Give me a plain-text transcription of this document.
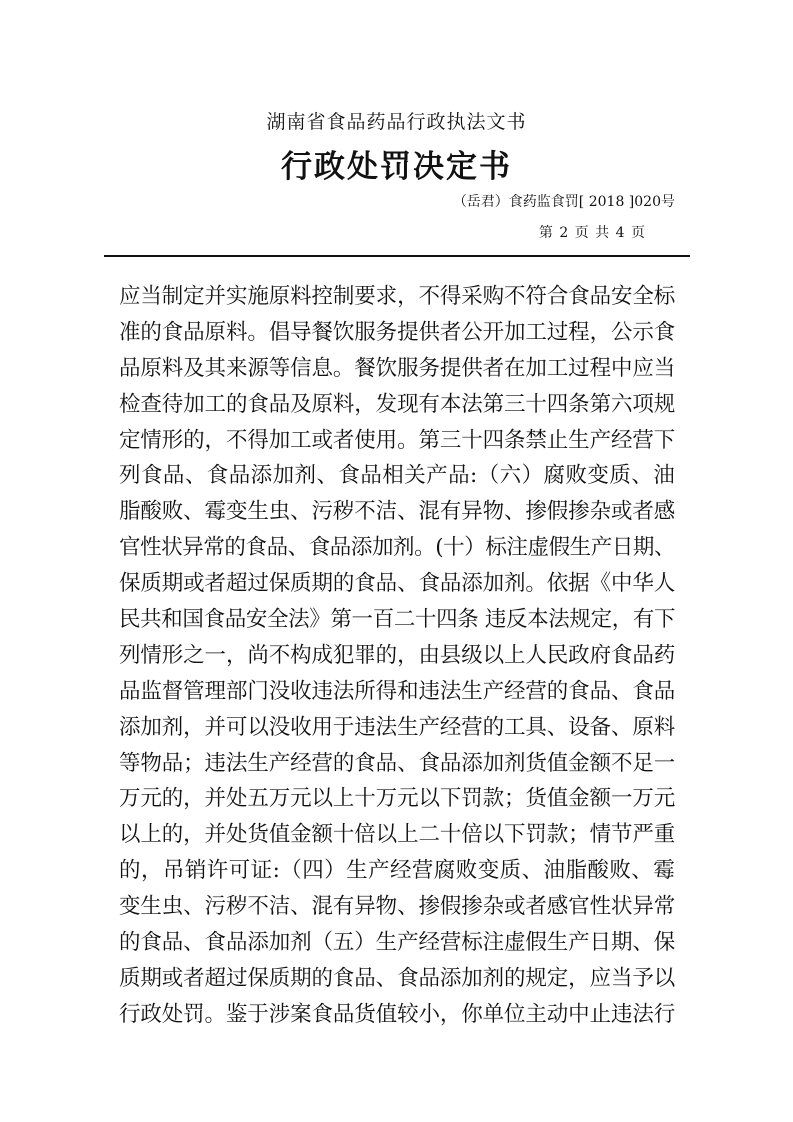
湖南省食品药品行政执法文书
行政处罚决定书
（岳君）食药监食罚[ 2018 ]020号
第 2 页 共 4 页
应当制定并实施原料控制要求，不得采购不符合食品安全标
准的食品原料。倡导餐饮服务提供者公开加工过程，公示食
品原料及其来源等信息。餐饮服务提供者在加工过程中应当
检查待加工的食品及原料，发现有本法第三十四条第六项规
定情形的，不得加工或者使用。第三十四条禁止生产经营下
列食品、食品添加剂、食品相关产品:（六）腐败变质、油
脂酸败、霉变生虫、污秽不洁、混有异物、掺假掺杂或者感
官性状异常的食品、食品添加剂。(十）标注虚假生产日期、
保质期或者超过保质期的食品、食品添加剂。依据《中华人
民共和国食品安全法》第一百二十四条 违反本法规定，有下
列情形之一，尚不构成犯罪的，由县级以上人民政府食品药
品监督管理部门没收违法所得和违法生产经营的食品、食品
添加剂，并可以没收用于违法生产经营的工具、设备、原料
等物品；违法生产经营的食品、食品添加剂货值金额不足一
万元的，并处五万元以上十万元以下罚款；货值金额一万元
以上的，并处货值金额十倍以上二十倍以下罚款；情节严重
的，吊销许可证:（四）生产经营腐败变质、油脂酸败、霉
变生虫、污秽不洁、混有异物、掺假掺杂或者感官性状异常
的食品、食品添加剂（五）生产经营标注虚假生产日期、保
质期或者超过保质期的食品、食品添加剂的规定，应当予以
行政处罚。鉴于涉案食品货值较小，你单位主动中止违法行
